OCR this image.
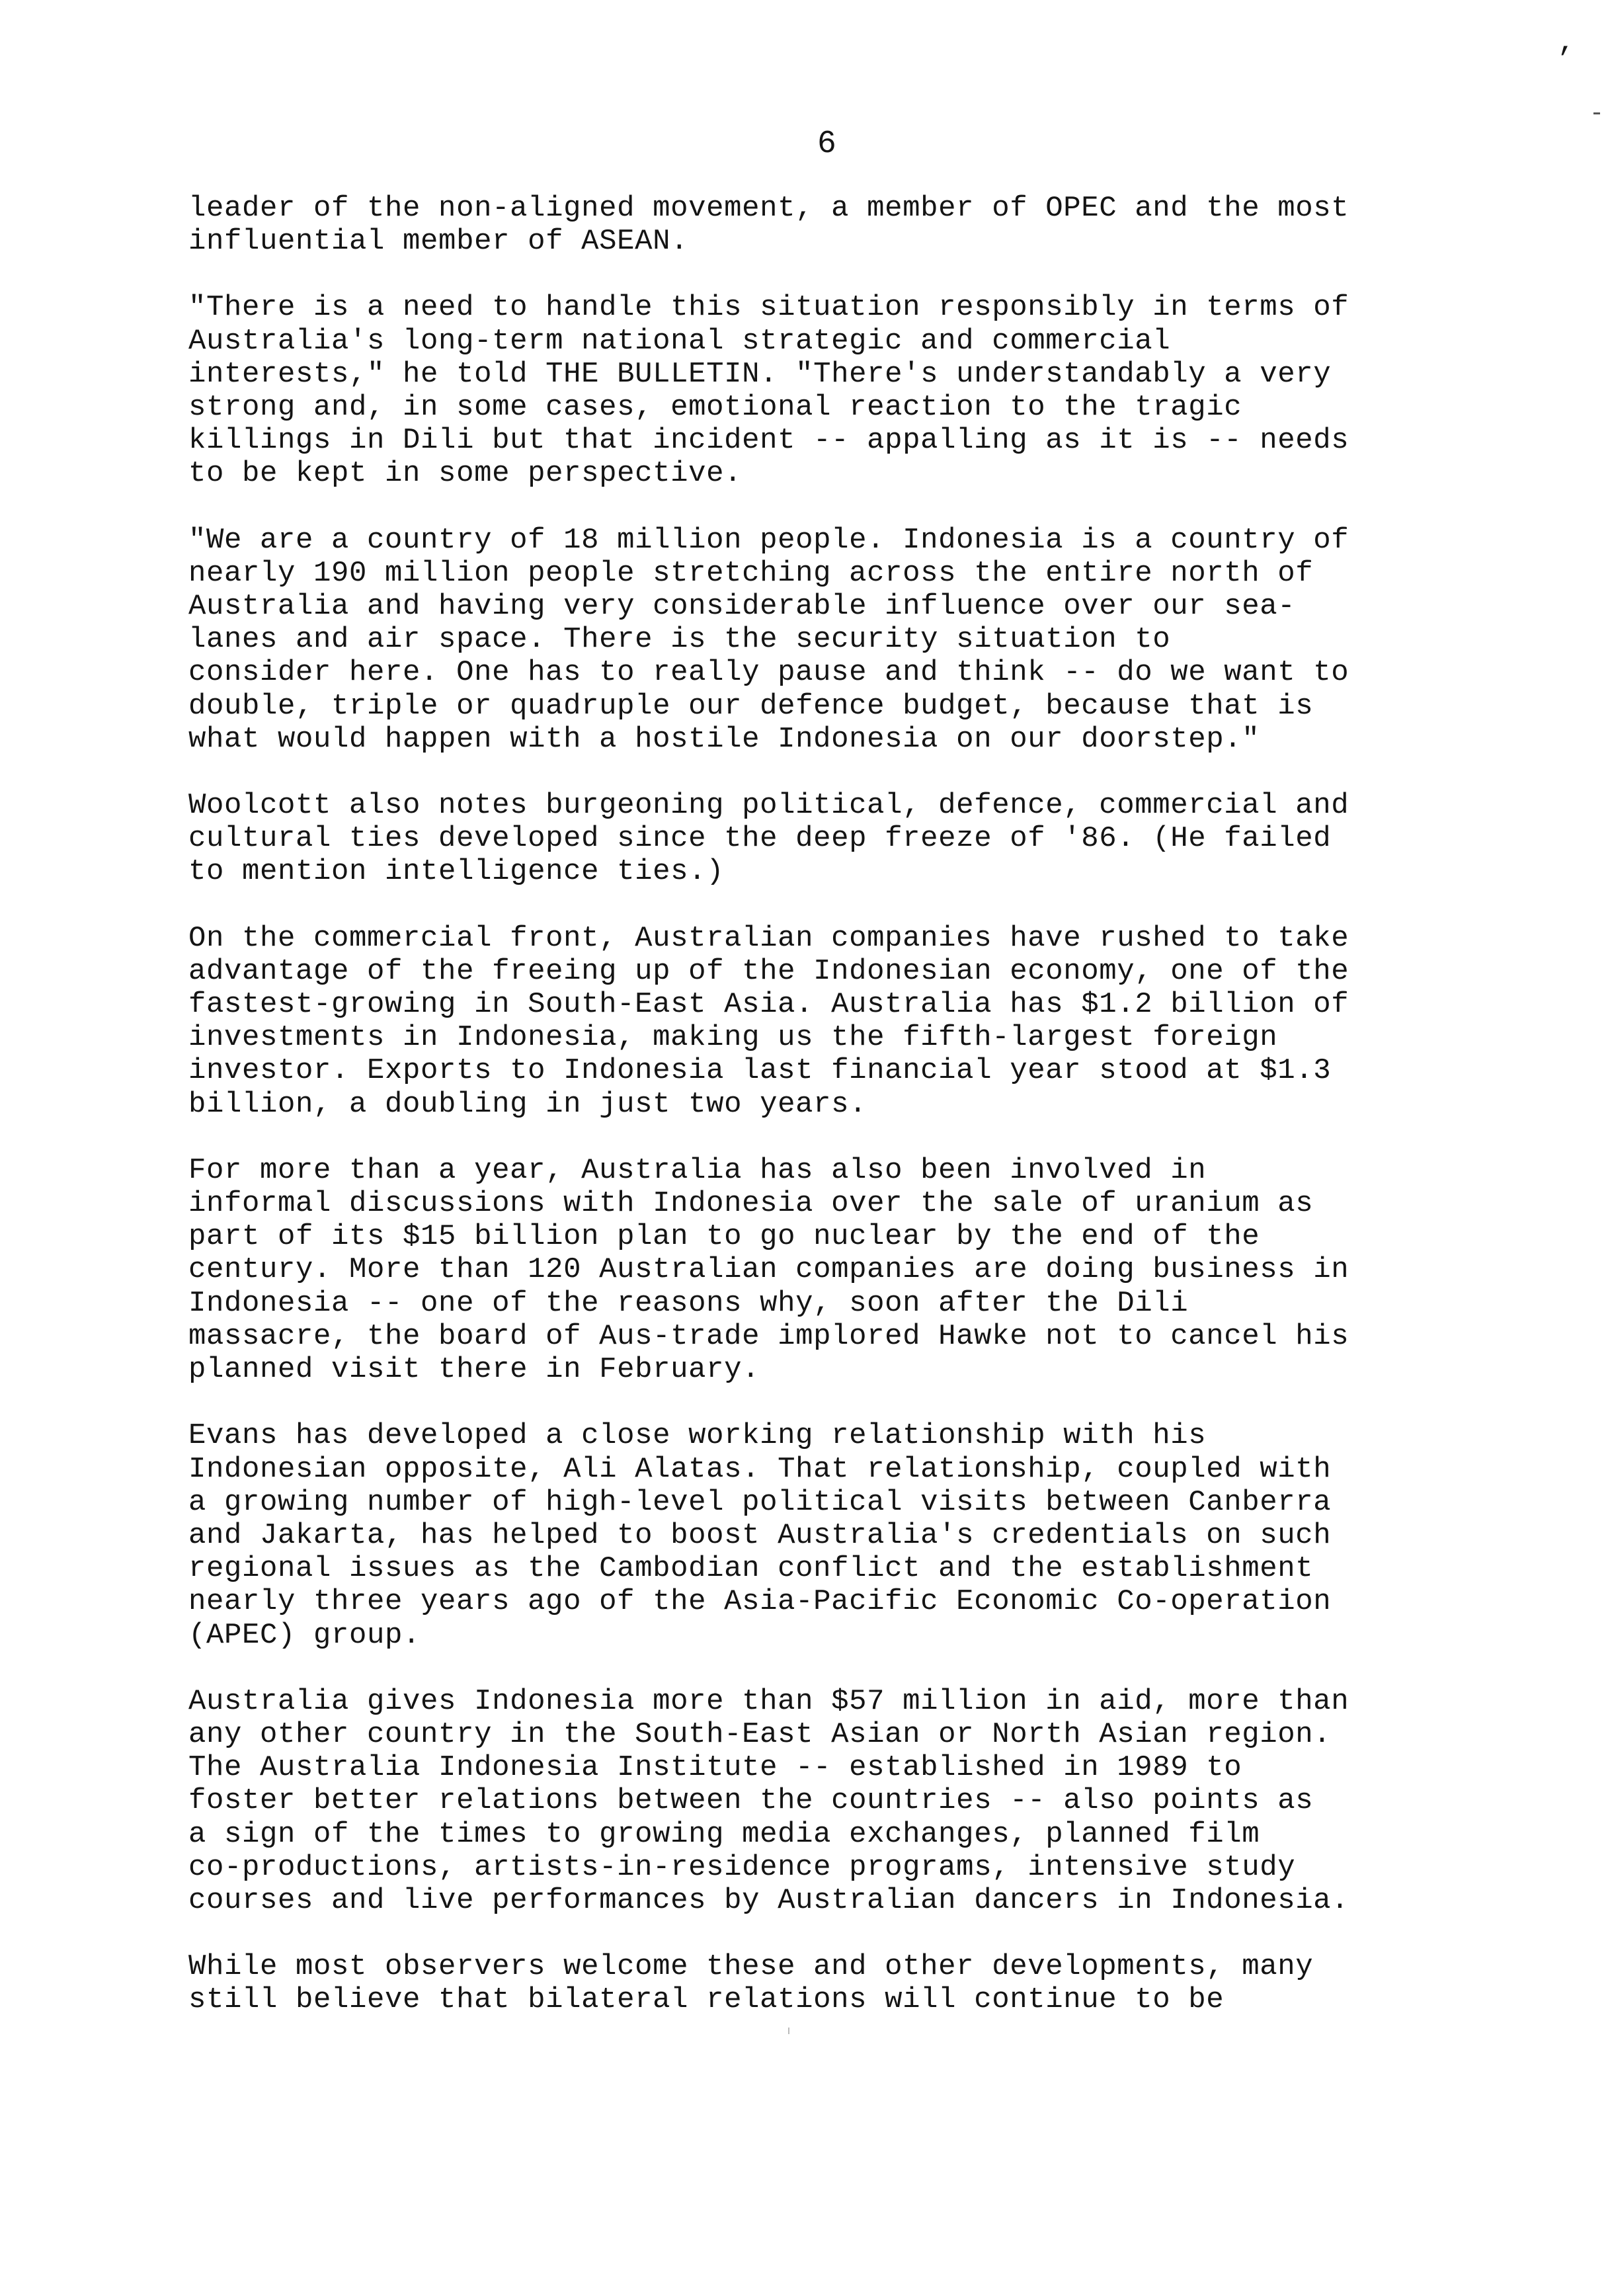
,
6
leader of the non-aligned movement, a member of OPEC and the most
influential member of ASEAN.
"There is a need to handle this situation responsibly in terms of
Australia's long-term national strategic and commercial
interests," he told THE BULLETIN. "There's understandably a very
strong and, in some cases, emotional reaction to the tragic
killings in Dili but that incident -- appalling as it is -- needs
to be kept in some perspective.
"We are a country of 18 million people. Indonesia is a country of
nearly 190 million people stretching across the entire north of
Australia and having very considerable influence over our sea-
lanes and air space. There is the security situation to
consider here. One has to really pause and think -- do we want to
double, triple or quadruple our defence budget, because that is
what would happen with a hostile Indonesia on our doorstep."
Woolcott also notes burgeoning political, defence, commercial and
cultural ties developed since the deep freeze of '86. (He failed
to mention intelligence ties.)
On the commercial front, Australian companies have rushed to take
advantage of the freeing up of the Indonesian economy, one of the
fastest-growing in South-East Asia. Australia has $1.2 billion of
investments in Indonesia, making us the fifth-largest foreign
investor. Exports to Indonesia last financial year stood at $1.3
billion, a doubling in just two years.
For more than a year, Australia has also been involved in
informal discussions with Indonesia over the sale of uranium as
part of its $15 billion plan to go nuclear by the end of the
century. More than 120 Australian companies are doing business in
Indonesia -- one of the reasons why, soon after the Dili
massacre, the board of Aus-trade implored Hawke not to cancel his
planned visit there in February.
Evans has developed a close working relationship with his
Indonesian opposite, Ali Alatas. That relationship, coupled with
a growing number of high-level political visits between Canberra
and Jakarta, has helped to boost Australia's credentials on such
regional issues as the Cambodian conflict and the establishment
nearly three years ago of the Asia-Pacific Economic Co-operation
(APEC) group.
Australia gives Indonesia more than $57 million in aid, more than
any other country in the South-East Asian or North Asian region.
The Australia Indonesia Institute -- established in 1989 to
foster better relations between the countries -- also points as
a sign of the times to growing media exchanges, planned film
co-productions, artists-in-residence programs, intensive study
courses and live performances by Australian dancers in Indonesia.
While most observers welcome these and other developments, many
still believe that bilateral relations will continue to be
